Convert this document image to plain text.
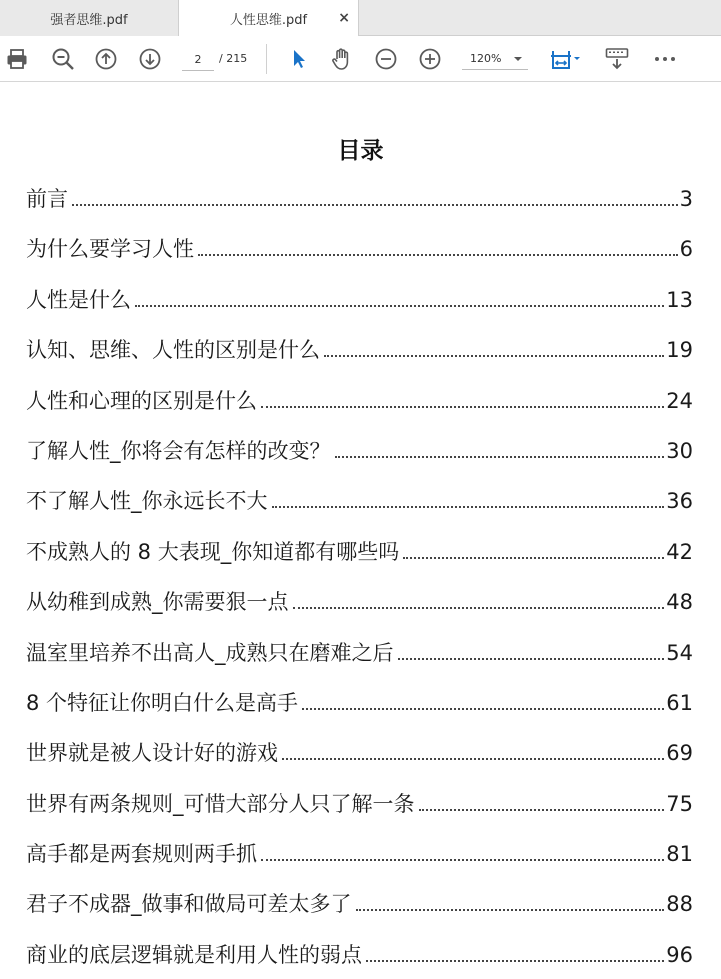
强者思维.pdf	人性思维.pdf ×
2
/ 215	120%
目录
前言	3
为什么要学习人性	6
人性是什么	13
认知、思维、人性的区别是什么	19
人性和心理的区别是什么	24
了解人性_你将会有怎样的改变？	30
不了解人性_你永远长不大	36
不成熟人的 8 大表现_你知道都有哪些吗	42
从幼稚到成熟_你需要狠一点	48
温室里培养不出高人_成熟只在磨难之后	54
8 个特征让你明白什么是高手	61
世界就是被人设计好的游戏	69
世界有两条规则_可惜大部分人只了解一条	75
高手都是两套规则两手抓	81
君子不成器_做事和做局可差太多了	88
商业的底层逻辑就是利用人性的弱点	96
